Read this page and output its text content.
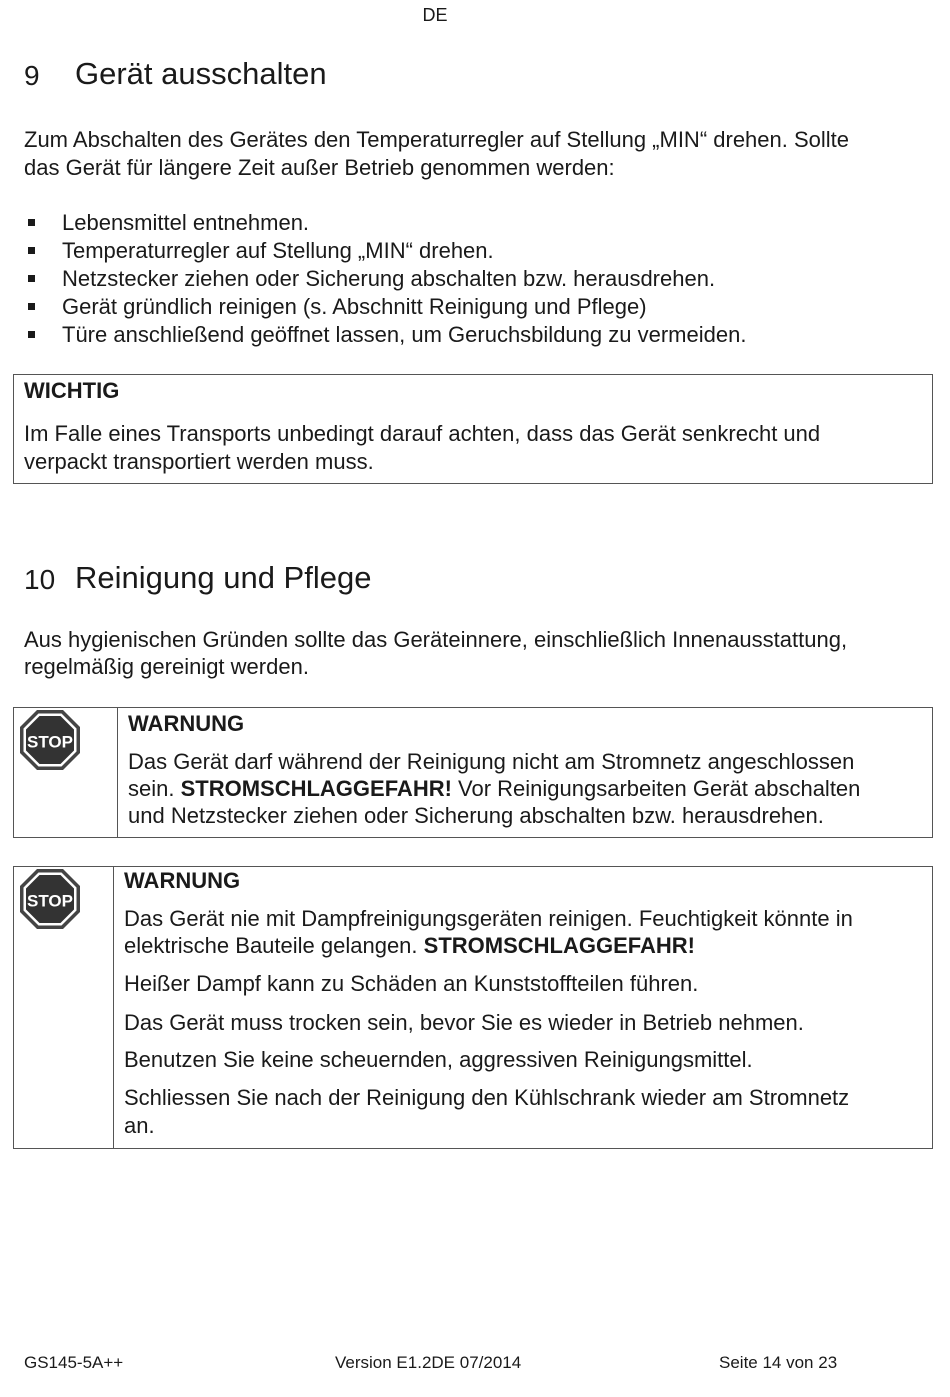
DE
9 Gerät ausschalten
Zum Abschalten des Gerätes den Temperaturregler auf Stellung „MIN“ drehen. Sollte
das Gerät für längere Zeit außer Betrieb genommen werden:
Lebensmittel entnehmen.
Temperaturregler auf Stellung „MIN“ drehen.
Netzstecker ziehen oder Sicherung abschalten bzw. herausdrehen.
Gerät gründlich reinigen (s. Abschnitt Reinigung und Pflege)
Türe anschließend geöffnet lassen, um Geruchsbildung zu vermeiden.
WICHTIG
Im Falle eines Transports unbedingt darauf achten, dass das Gerät senkrecht und
verpackt transportiert werden muss.
10 Reinigung und Pflege
Aus hygienischen Gründen sollte das Geräteinnere, einschließlich Innenausstattung,
regelmäßig gereinigt werden.
STOP
WARNUNG
Das Gerät darf während der Reinigung nicht am Stromnetz angeschlossen
sein. STROMSCHLAGGEFAHR! Vor Reinigungsarbeiten Gerät abschalten
und Netzstecker ziehen oder Sicherung abschalten bzw. herausdrehen.
STOP
WARNUNG
Das Gerät nie mit Dampfreinigungsgeräten reinigen. Feuchtigkeit könnte in
elektrische Bauteile gelangen. STROMSCHLAGGEFAHR!
Heißer Dampf kann zu Schäden an Kunststoffteilen führen.
Das Gerät muss trocken sein, bevor Sie es wieder in Betrieb nehmen.
Benutzen Sie keine scheuernden, aggressiven Reinigungsmittel.
Schliessen Sie nach der Reinigung den Kühlschrank wieder am Stromnetz
an.
GS145-5A++	Version E1.2DE 07/2014	Seite 14 von 23
